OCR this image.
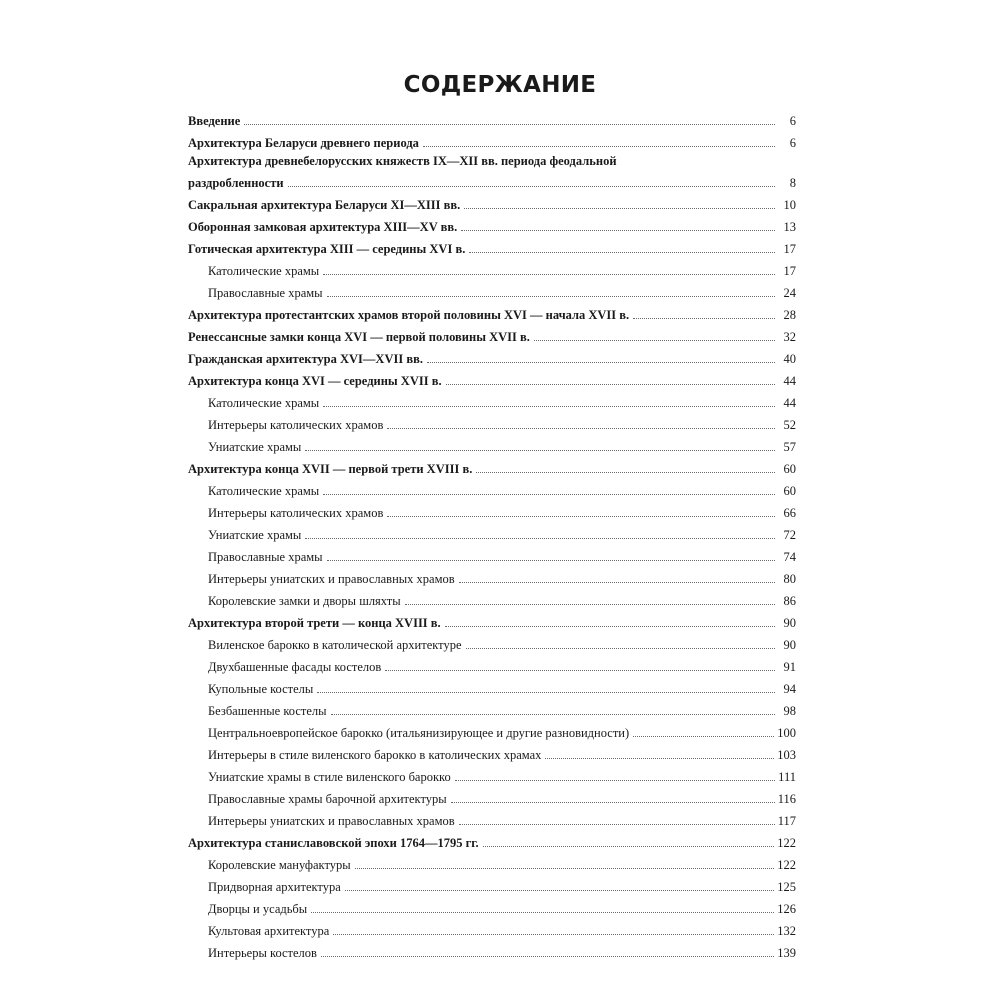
СОДЕРЖАНИЕ
Введение	6
Архитектура Беларуси древнего периода	6
Архитектура древнебелорусских княжеств IX—XII вв. периода феодальной
раздробленности	8
Сакральная архитектура Беларуси XI—XIII вв.	10
Оборонная замковая архитектура XIII—XV вв.	13
Готическая архитектура XIII — середины XVI в.	17
Католические храмы	17
Православные храмы	24
Архитектура протестантских храмов второй половины XVI — начала XVII в.	28
Ренессансные замки конца XVI — первой половины XVII в.	32
Гражданская архитектура XVI—XVII вв.	40
Архитектура конца XVI — середины XVII в.	44
Католические храмы	44
Интерьеры католических храмов	52
Униатские храмы	57
Архитектура конца XVII — первой трети XVIII в.	60
Католические храмы	60
Интерьеры католических храмов	66
Униатские храмы	72
Православные храмы	74
Интерьеры униатских и православных храмов	80
Королевские замки и дворы шляхты	86
Архитектура второй трети — конца XVIII в.	90
Виленское барокко в католической архитектуре	90
Двухбашенные фасады костелов	91
Купольные костелы	94
Безбашенные костелы	98
Центральноевропейское барокко (итальянизирующее и другие разновидности)	100
Интерьеры в стиле виленского барокко в католических храмах	103
Униатские храмы в стиле виленского барокко	111
Православные храмы барочной архитектуры	116
Интерьеры униатских и православных храмов	117
Архитектура станиславовской эпохи 1764—1795 гг.	122
Королевские мануфактуры	122
Придворная архитектура	125
Дворцы и усадьбы	126
Культовая архитектура	132
Интерьеры костелов	139
